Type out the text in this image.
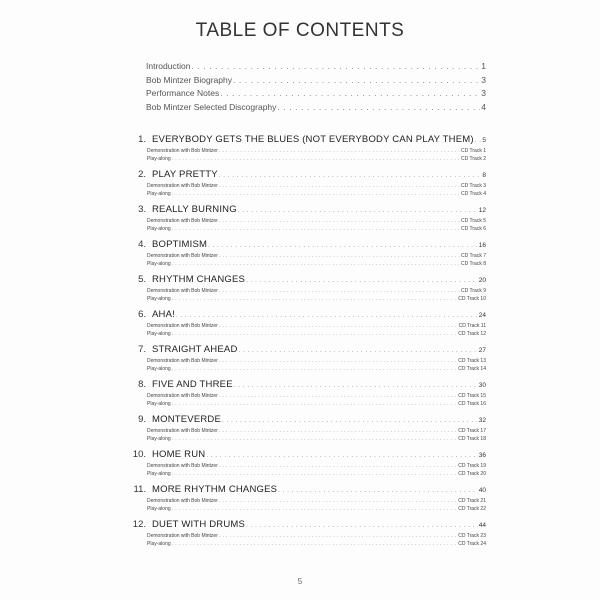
TABLE OF CONTENTS
Introduction . . .	1
Bob Mintzer Biography . . .	3
Performance Notes . . .	3
Bob Mintzer Selected Discography . . .	4
1. EVERYBODY GETS THE BLUES (NOT EVERYBODY CAN PLAY THEM) . . . 5
Demonstration with Bob Mintzer . . .	CD Track 1
Play-along . . .	CD Track 2
2. PLAY PRETTY . . .	8
Demonstration with Bob Mintzer . . .	CD Track 3
Play-along . . .	CD Track 4
3. REALLY BURNING . . .	12
Demonstration with Bob Mintzer . . .	CD Track 5
Play-along . . .	CD Track 6
4. BOPTIMISM . . .	16
Demonstration with Bob Mintzer . . .	CD Track 7
Play-along . . .	CD Track 8
5. RHYTHM CHANGES . . .	20
Demonstration with Bob Mintzer . . .	CD Track 9
Play-along . . .	CD Track 10
6. AHA! . . .	24
Demonstration with Bob Mintzer . . .	CD Track 11
Play-along . . .	CD Track 12
7. STRAIGHT AHEAD . . .	27
Demonstration with Bob Mintzer . . .	CD Track 13
Play-along . . .	CD Track 14
8. FIVE AND THREE . . .	30
Demonstration with Bob Mintzer . . .	CD Track 15
Play-along . . .	CD Track 16
9. MONTEVERDE . . .	32
Demonstration with Bob Mintzer . . .	CD Track 17
Play-along . . .	CD Track 18
10. HOME RUN . . .	36
Demonstration with Bob Mintzer . . .	CD Track 19
Play-along . . .	CD Track 20
11. MORE RHYTHM CHANGES . . .	40
Demonstration with Bob Mintzer . . .	CD Track 21
Play-along . . .	CD Track 22
12. DUET WITH DRUMS . . .	44
Demonstration with Bob Mintzer . . .	CD Track 23
Play-along . . .	CD Track 24
5
